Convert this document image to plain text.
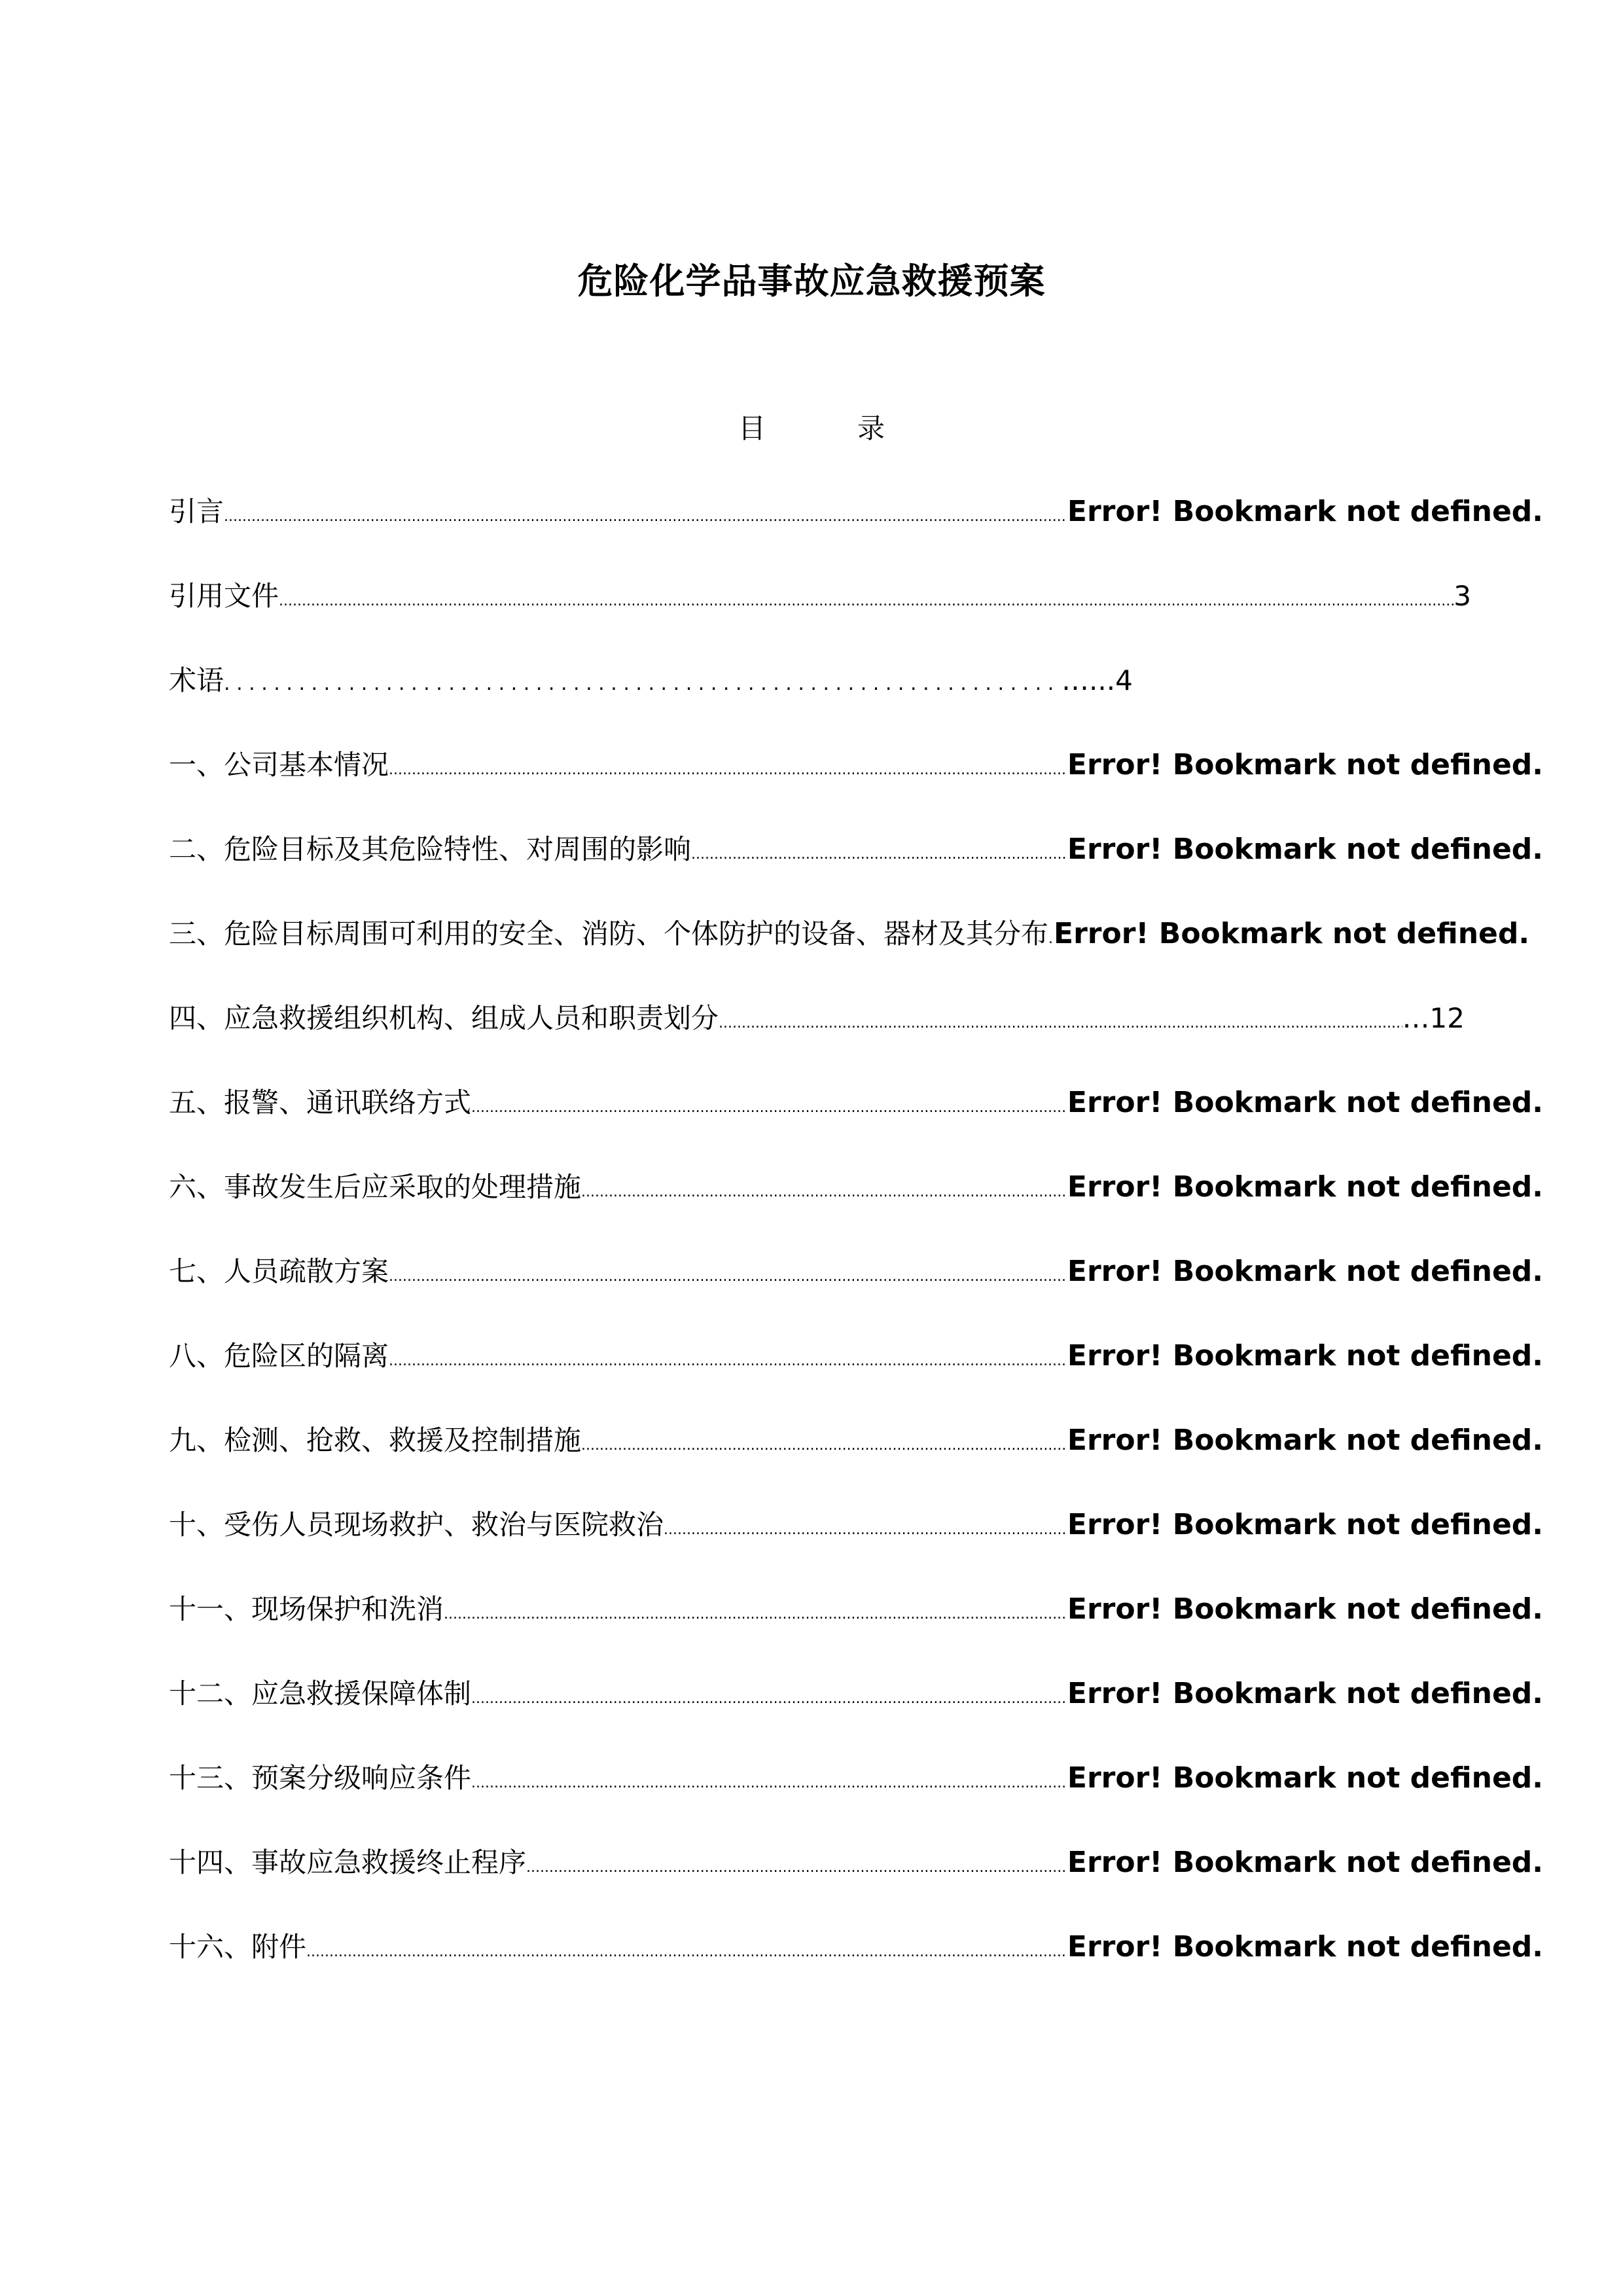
危险化学品事故应急救援预案
目	录
引言 .....	Error! Bookmark not defined.
引用文件 .....	3
术语 . . .	…...4
一、公司基本情况 .....	Error! Bookmark not defined.
二、危险目标及其危险特性、对周围的影响 .....	Error! Bookmark not defined.
三、危险目标周围可利用的安全、消防、个体防护的设备、器材及其分布 ..... Error! Bookmark not defined.
四、应急救援组织机构、组成人员和职责划分 .....	…12
五、报警、通讯联络方式 .....	Error! Bookmark not defined.
六、事故发生后应采取的处理措施 .....	Error! Bookmark not defined.
七、人员疏散方案 .....	Error! Bookmark not defined.
八、危险区的隔离 .....	Error! Bookmark not defined.
九、检测、抢救、救援及控制措施 .....	Error! Bookmark not defined.
十、受伤人员现场救护、救治与医院救治 .....	Error! Bookmark not defined.
十一、现场保护和洗消 .....	Error! Bookmark not defined.
十二、应急救援保障体制 .....	Error! Bookmark not defined.
十三、预案分级响应条件 .....	Error! Bookmark not defined.
十四、事故应急救援终止程序 .....	Error! Bookmark not defined.
十六、附件 .....	Error! Bookmark not defined.
